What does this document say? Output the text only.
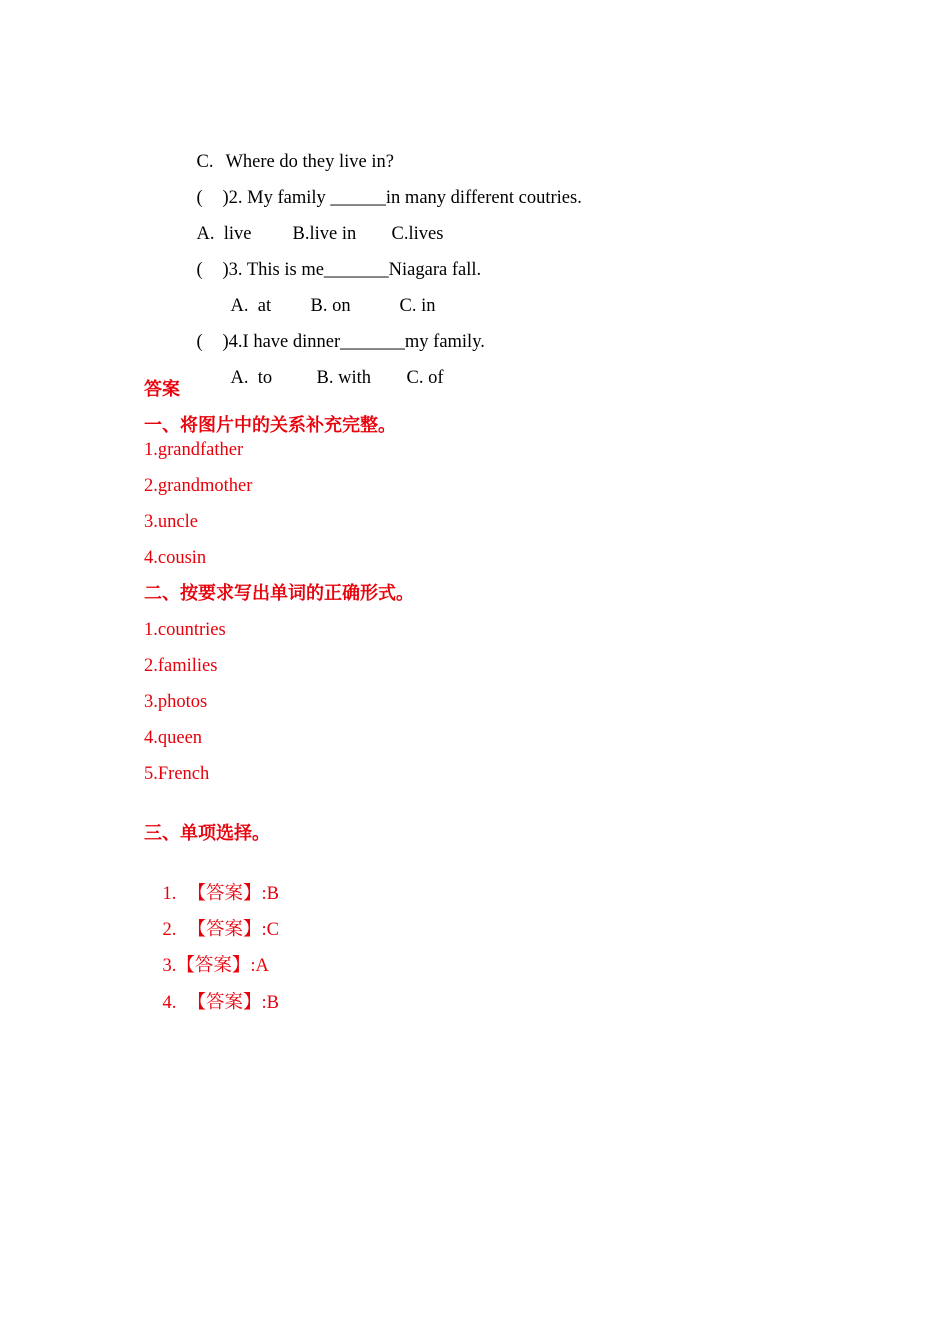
C. Where do they live in?

( )2. My family ______in many different coutries.

A.  live B.live in C.lives

( )3. This is me_______Niagara fall.

A.  at B. on	C. in

( )4.I have dinner_______my family.

A.  to B. with C. of

答案
一、将图片中的关系补充完整。
1.grandfather
2.grandmother
3.uncle
4.cousin
二、按要求写出单词的正确形式。
1.countries
2.families
3.photos
4.queen
5.French
三、单项选择。

1. 【答案】:B

2. 【答案】:C

3.【答案】:A

4. 【答案】:B
